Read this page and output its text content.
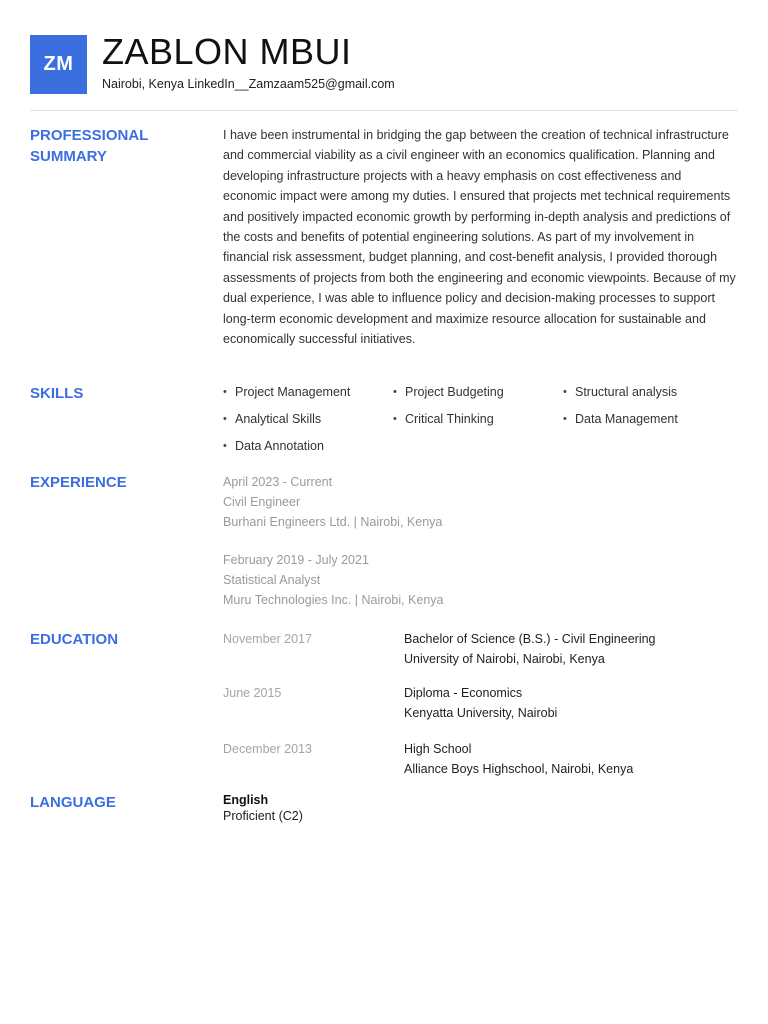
ZM ZABLON MBUI
Nairobi, Kenya LinkedIn__Zamzaam525@gmail.com
PROFESSIONAL
SUMMARY
I have been instrumental in bridging the gap between the creation of technical infrastructure and commercial viability as a civil engineer with an economics qualification. Planning and developing infrastructure projects with a heavy emphasis on cost effectiveness and economic impact were among my duties. I ensured that projects met technical requirements and positively impacted economic growth by performing in-depth analysis and predictions of the costs and benefits of potential engineering solutions. As part of my involvement in financial risk assessment, budget planning, and cost-benefit analysis, I provided thorough assessments of projects from both the engineering and economic viewpoints. Because of my dual experience, I was able to influence policy and decision-making processes to support long-term economic development and maximize resource allocation for sustainable and economically successful initiatives.
SKILLS	• Project Management	• Project Budgeting	• Structural analysis
• Analytical Skills	• Critical Thinking	• Data Management
• Data Annotation
EXPERIENCE	April 2023 - Current
Civil Engineer
Burhani Engineers Ltd. | Nairobi, Kenya
February 2019 - July 2021
Statistical Analyst
Muru Technologies Inc. | Nairobi, Kenya
EDUCATION	November 2017	Bachelor of Science (B.S.) - Civil Engineering
University of Nairobi, Nairobi, Kenya
June 2015	Diploma - Economics
Kenyatta University, Nairobi
December 2013	High School
Alliance Boys Highschool, Nairobi, Kenya
LANGUAGE	English
Proficient (C2)
